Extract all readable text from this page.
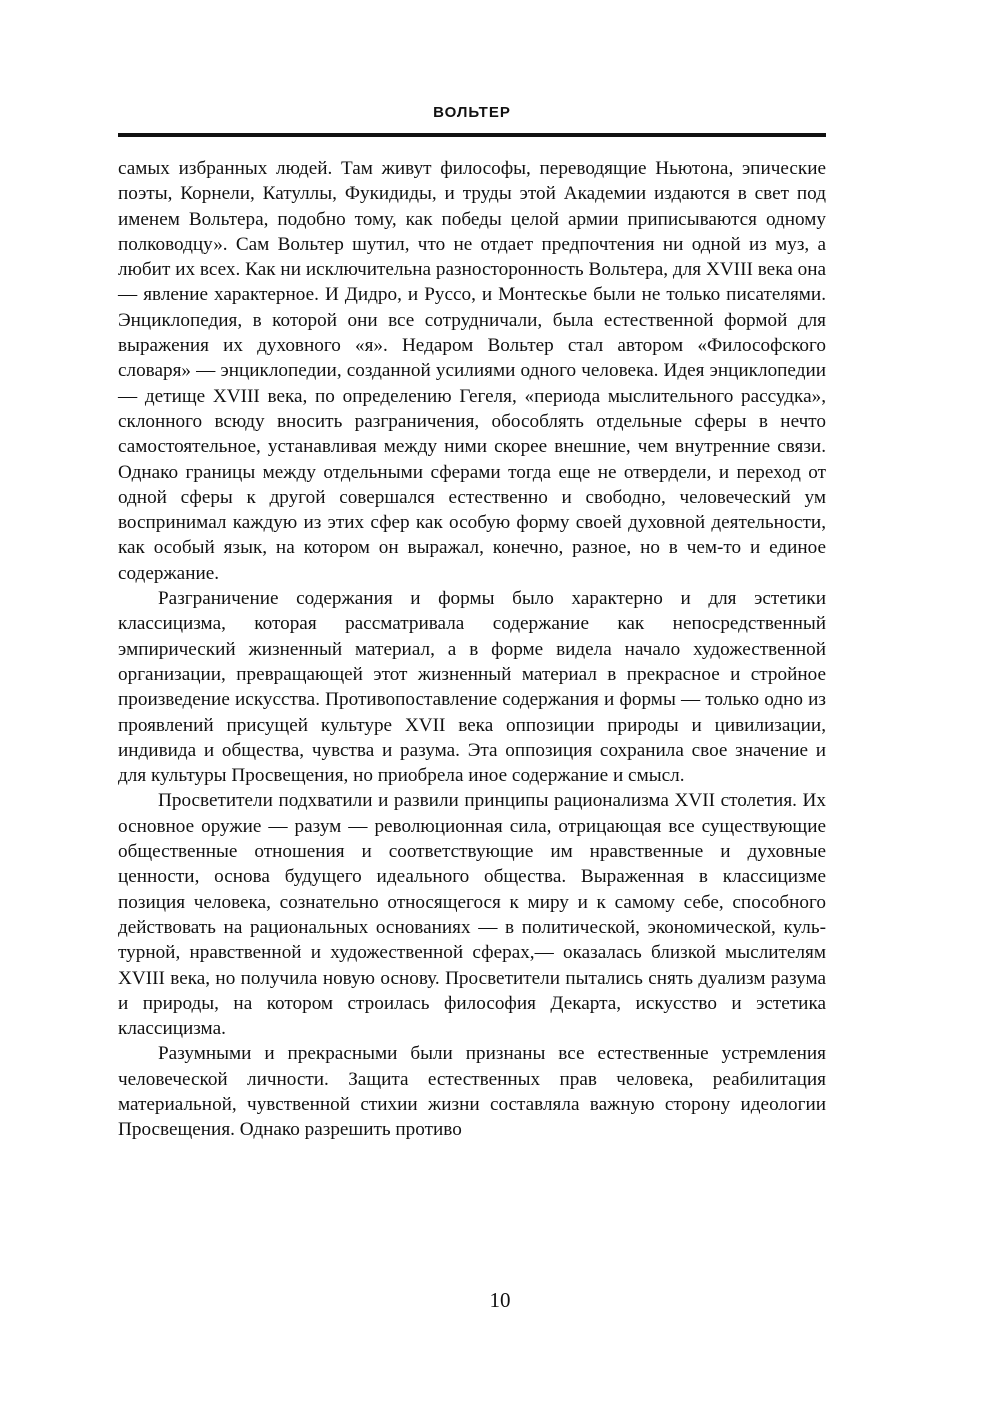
ВОЛЬТЕР

самых избранных людей. Там живут философы, переводящие Ньютона, эпические поэты, Корнели, Катуллы, Фукидиды, и труды этой Академии издаются в свет под именем Вольтера, подобно тому, как победы целой армии приписываются одному полководцу». Сам Вольтер шутил, что не отдает предпочтения ни одной из муз, а любит их всех. Как ни исключительна разносторонность Вольтера, для XVIII века она — явление характерное. И Дидро, и Руссо, и Монтескье были не только писателями. Энциклопедия, в которой они все сотрудничали, была естественной формой для выражения их духовного «я». Недаром Вольтер стал автором «Философского словаря» — энциклопедии, созданной усилиями одного человека. Идея энциклопедии — детище XVIII века, по определению Гегеля, «периода мыслительного рассудка», склонного всюду вносить разграничения, обособлять отдельные сферы в нечто самостоятельное, устанавливая между ними скорее внешние, чем внутренние связи. Однако границы между отдельными сферами тогда еще не отвердели, и переход от одной сферы к другой совершался естественно и свободно, человеческий ум воспринимал каждую из этих сфер как особую форму своей духовной деятельности, как особый язык, на котором он выражал, конечно, разное, но в чем-то и единое содержание.

Разграничение содержания и формы было характерно и для эстетики классицизма, которая рассматривала содержание как непосредственный эмпирический жизненный материал, а в форме видела начало художественной организации, превращающей этот жизненный материал в прекрасное и стройное произведение искусства. Противопоставление содержания и формы — только одно из проявлений присущей культуре XVII века оппозиции природы и цивилизации, индивида и общества, чувства и разума. Эта оппозиция сохранила свое значение и для культуры Просвещения, но приобрела иное содержание и смысл.

Просветители подхватили и развили принципы рационализма XVII столетия. Их основное оружие — разум — революционная сила, отрицающая все существующие общественные отношения и соответствующие им нравственные и духовные ценности, основа будущего идеального общества. Выраженная в классицизме позиция человека, сознательно относящегося к миру и к самому себе, способного действовать на рациональных основаниях — в политической, экономической, культурной, нравственной и художественной сферах,— оказалась близкой мыслителям XVIII века, но получила новую основу. Просветители пытались снять дуализм разума и природы, на котором строилась философия Декарта, искусство и эстетика классицизма.

Разумными и прекрасными были признаны все естественные устремления человеческой личности. Защита естественных прав человека, реабилитация материальной, чувственной стихии жизни составляла важную сторону идеологии Просвещения. Однако разрешить противо

10
